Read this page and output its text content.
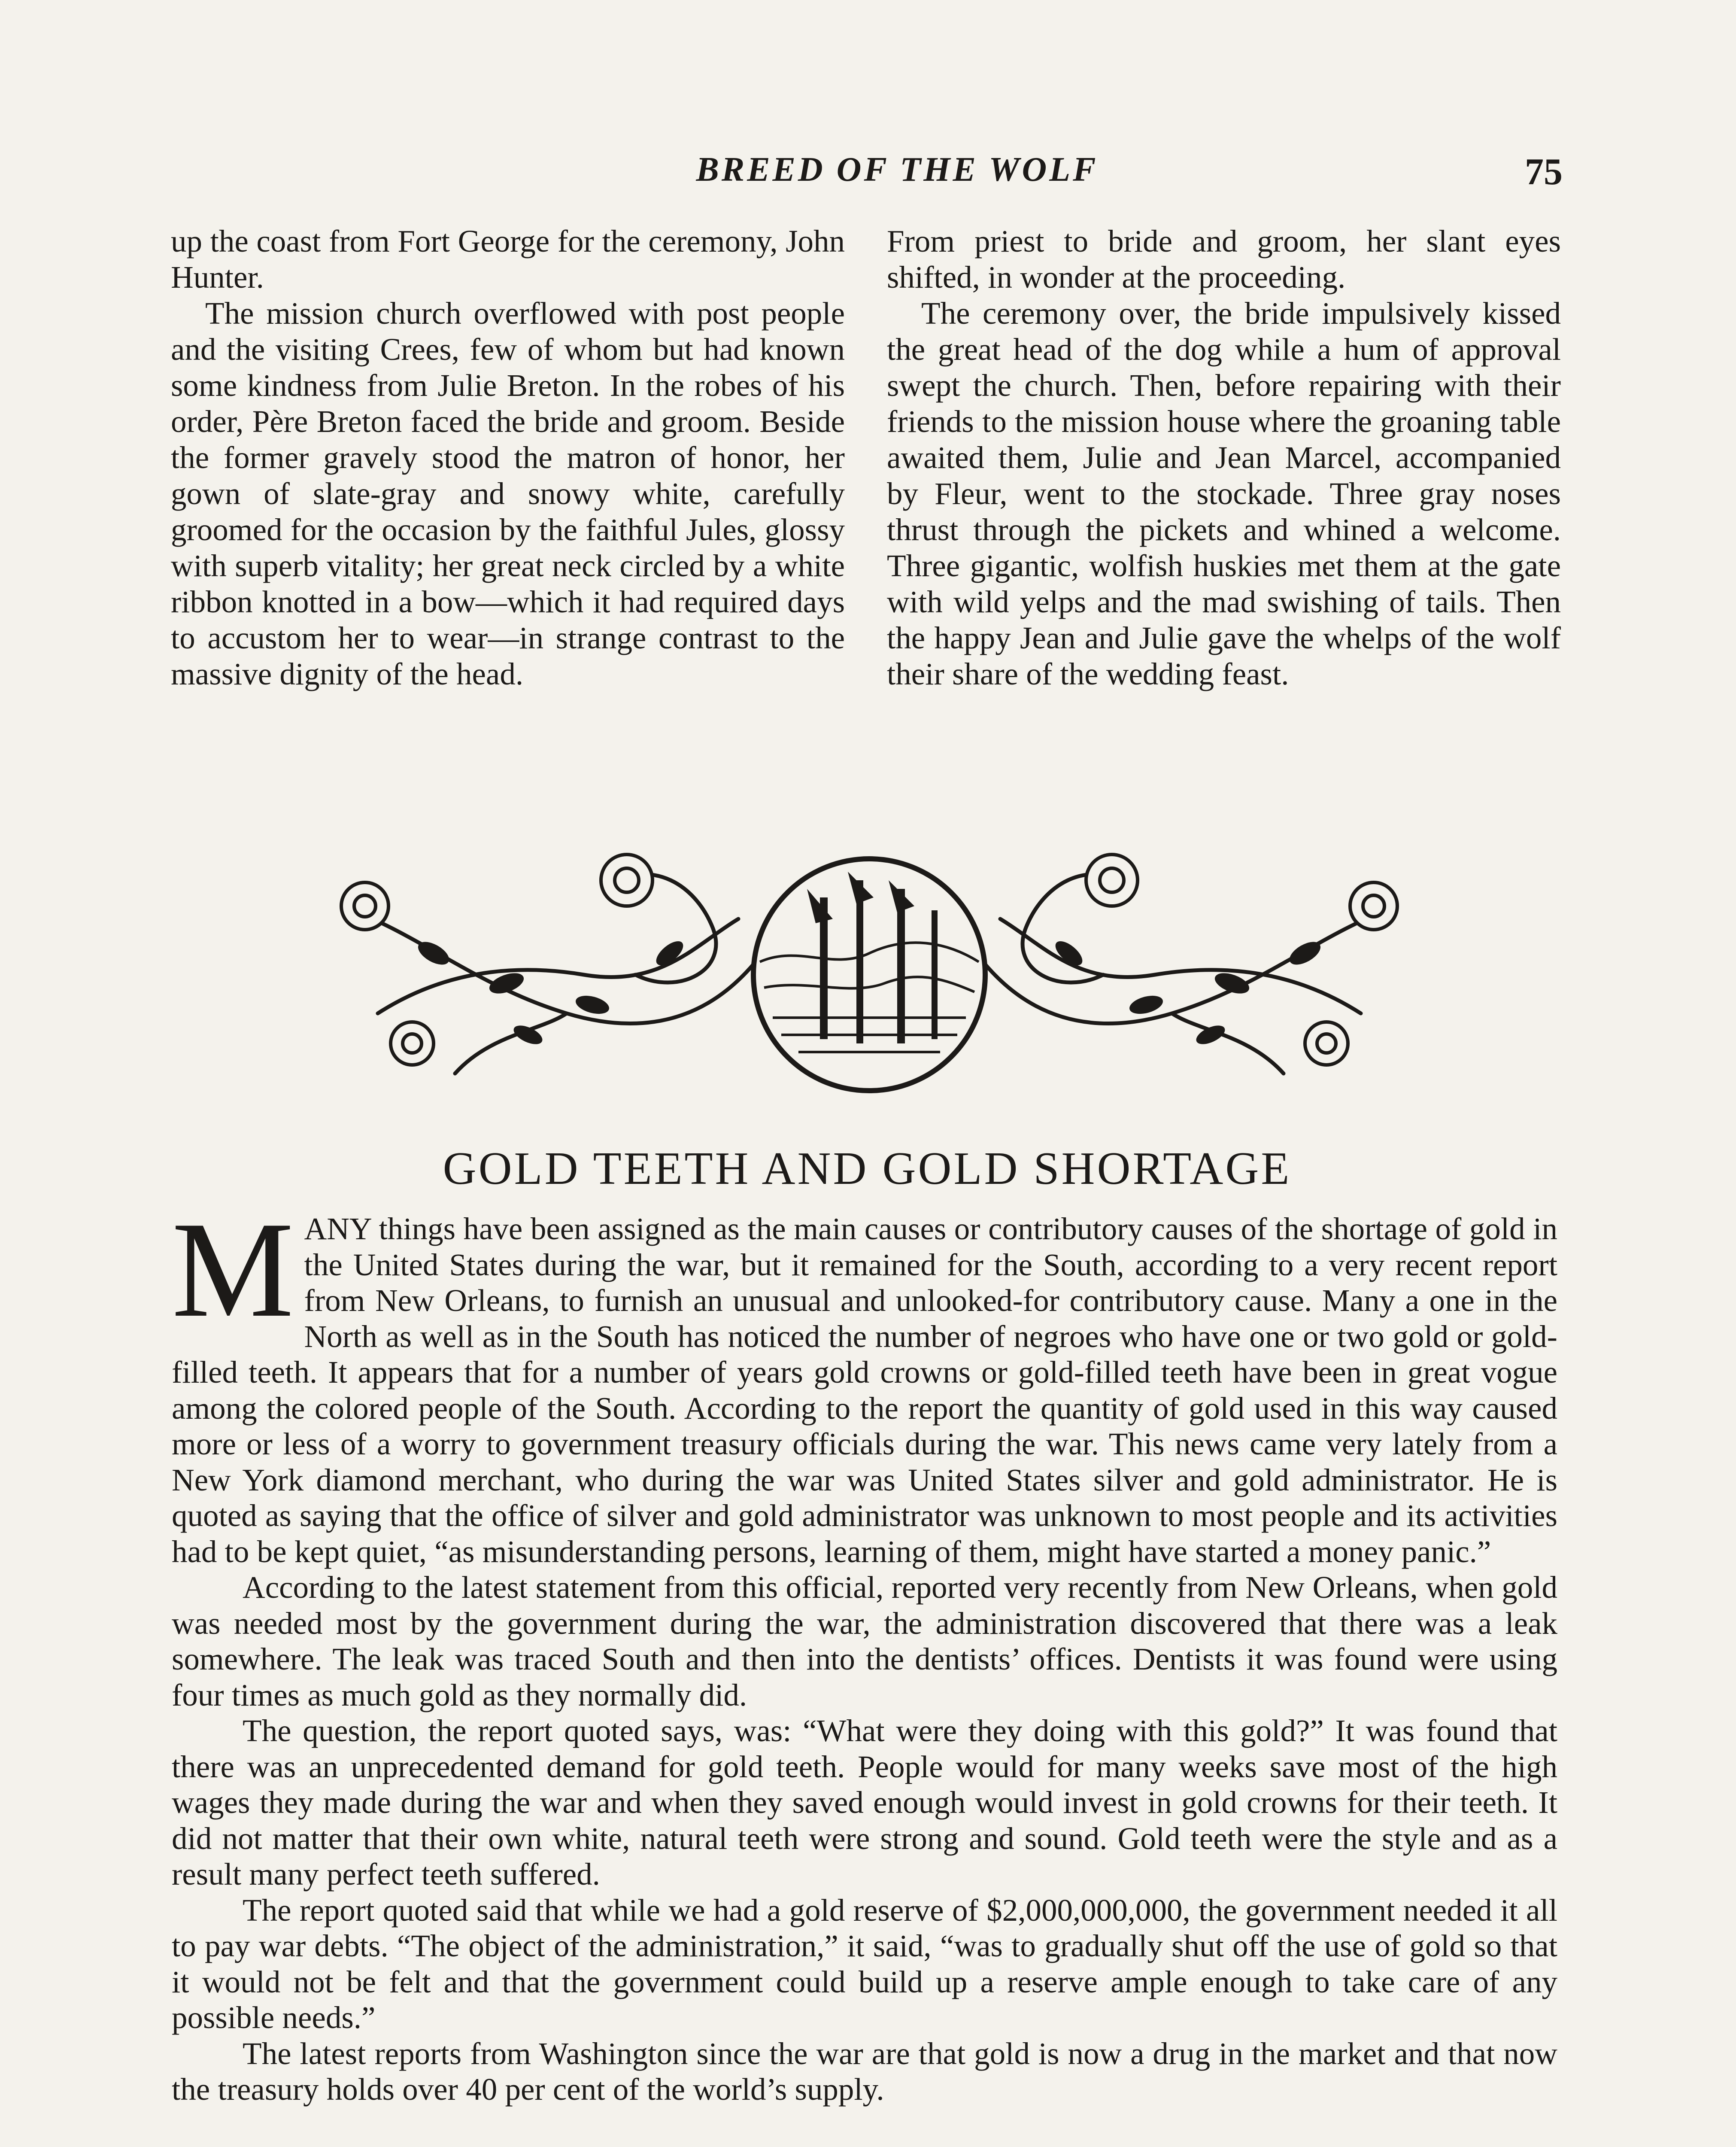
BREED OF THE WOLF	75

up the coast from Fort George for the ceremony, John Hunter.

The mission church overflowed with post people and the visiting Crees, few of whom but had known some kindness from Julie Breton. In the robes of his order, Père Breton faced the bride and groom. Beside the former gravely stood the matron of honor, her gown of slate-gray and snowy white, carefully groomed for the occasion by the faithful Jules, glossy with superb vitality; her great neck circled by a white ribbon knotted in a bow—which it had required days to accustom her to wear—in strange contrast to the massive dignity of the head.

From priest to bride and groom, her slant eyes shifted, in wonder at the proceeding.

The ceremony over, the bride impulsively kissed the great head of the dog while a hum of approval swept the church. Then, before repairing with their friends to the mission house where the groaning table awaited them, Julie and Jean Marcel, accompanied by Fleur, went to the stockade. Three gray noses thrust through the pickets and whined a welcome. Three gigantic, wolfish huskies met them at the gate with wild yelps and the mad swishing of tails. Then the happy Jean and Julie gave the whelps of the wolf their share of the wedding feast.

GOLD TEETH AND GOLD SHORTAGE

MANY things have been assigned as the main causes or contributory causes of the shortage of gold in the United States during the war, but it remained for the South, according to a very recent report from New Orleans, to furnish an unusual and unlooked-for contributory cause. Many a one in the North as well as in the South has noticed the number of negroes who have one or two gold or gold-filled teeth. It appears that for a number of years gold crowns or gold-filled teeth have been in great vogue among the colored people of the South. According to the report the quantity of gold used in this way caused more or less of a worry to government treasury officials during the war. This news came very lately from a New York diamond merchant, who during the war was United States silver and gold administrator. He is quoted as saying that the office of silver and gold administrator was unknown to most people and its activities had to be kept quiet, “as misunderstanding persons, learning of them, might have started a money panic.”

According to the latest statement from this official, reported very recently from New Orleans, when gold was needed most by the government during the war, the administration discovered that there was a leak somewhere. The leak was traced South and then into the dentists’ offices. Dentists it was found were using four times as much gold as they normally did.

The question, the report quoted says, was: “What were they doing with this gold?” It was found that there was an unprecedented demand for gold teeth. People would for many weeks save most of the high wages they made during the war and when they saved enough would invest in gold crowns for their teeth. It did not matter that their own white, natural teeth were strong and sound. Gold teeth were the style and as a result many perfect teeth suffered.

The report quoted said that while we had a gold reserve of $2,000,000,000, the government needed it all to pay war debts. “The object of the administration,” it said, “was to gradually shut off the use of gold so that it would not be felt and that the government could build up a reserve ample enough to take care of any possible needs.”

The latest reports from Washington since the war are that gold is now a drug in the market and that now the treasury holds over 40 per cent of the world’s supply.
